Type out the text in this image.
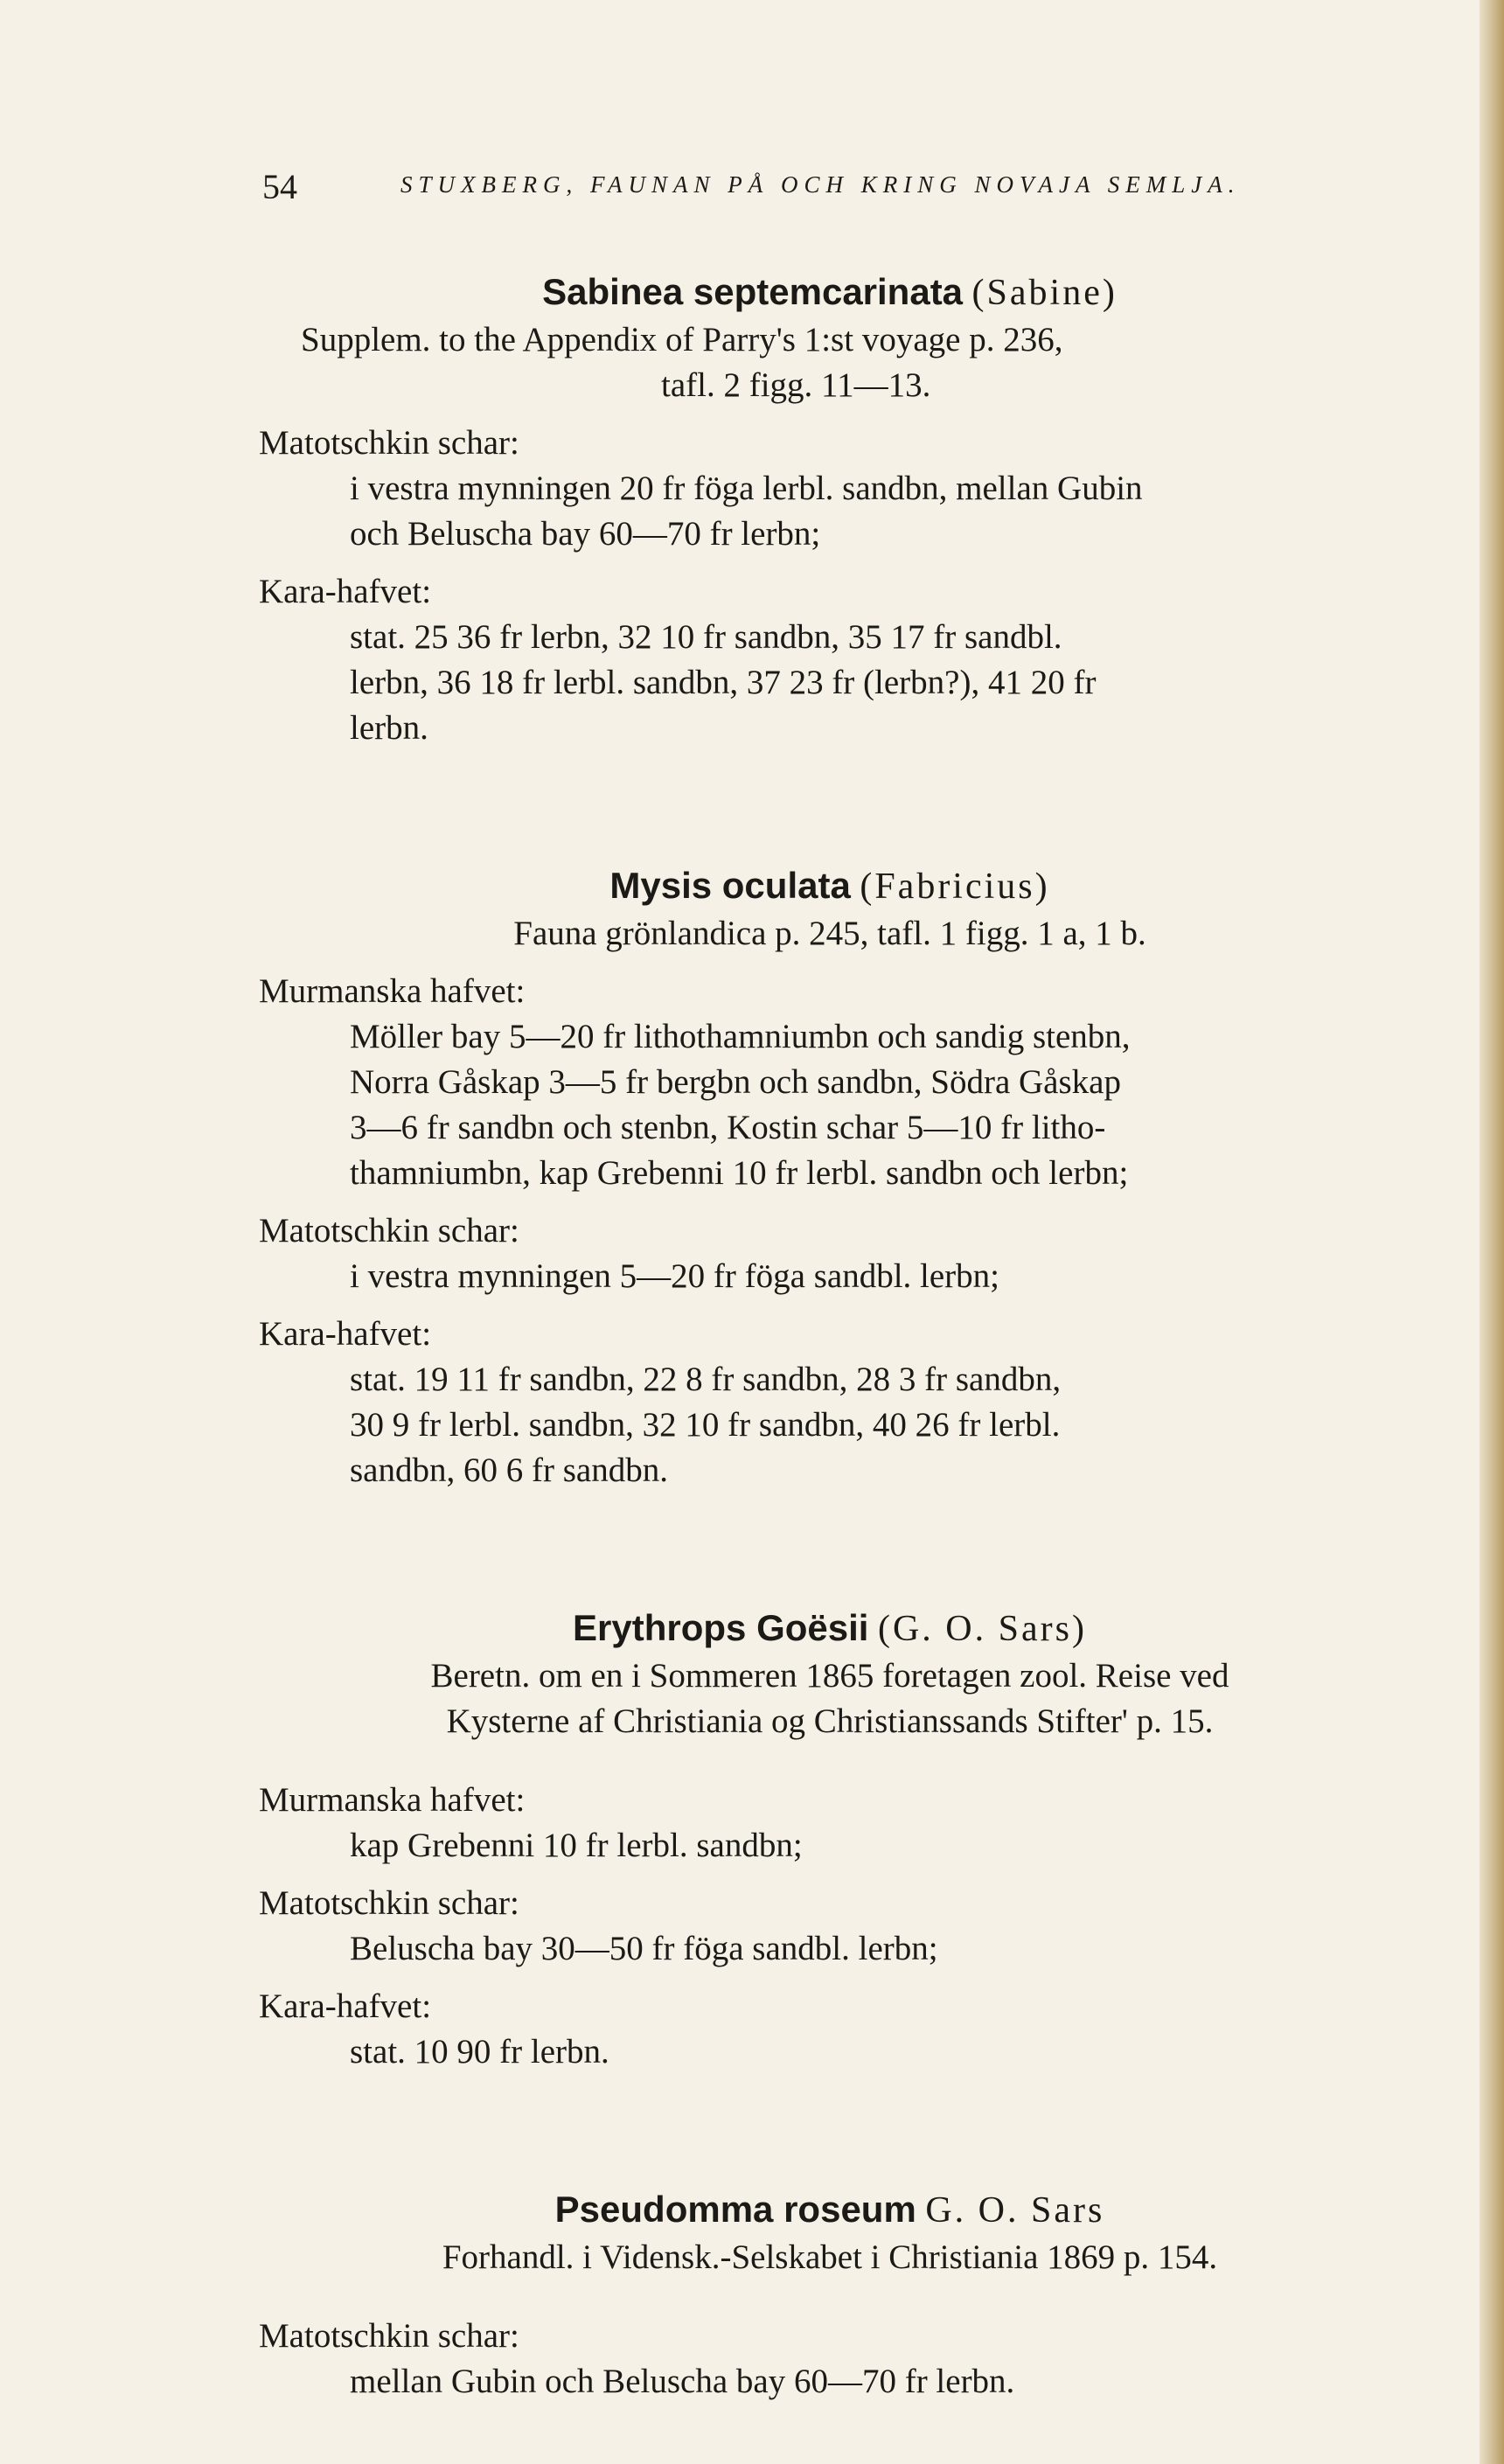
54	STUXBERG, FAUNAN PÅ OCH KRING NOVAJA SEMLJA.
Sabinea septemcarinata (Sabine)
Supplem. to the Appendix of Parry's 1:st voyage p. 236,
tafl. 2 figg. 11—13.
Matotschkin schar:
i vestra mynningen 20 fr föga lerbl. sandbn, mellan Gubin
och Beluscha bay 60—70 fr lerbn;
Kara-hafvet:
stat. 25 36 fr lerbn, 32 10 fr sandbn, 35 17 fr sandbl.
lerbn, 36 18 fr lerbl. sandbn, 37 23 fr (lerbn?), 41 20 fr
lerbn.
Mysis oculata (Fabricius)
Fauna grönlandica p. 245, tafl. 1 figg. 1 a, 1 b.
Murmanska hafvet:
Möller bay 5—20 fr lithothamniumbn och sandig stenbn,
Norra Gåskap 3—5 fr bergbn och sandbn, Södra Gåskap
3—6 fr sandbn och stenbn, Kostin schar 5—10 fr litho-
thamniumbn, kap Grebenni 10 fr lerbl. sandbn och lerbn;
Matotschkin schar:
i vestra mynningen 5—20 fr föga sandbl. lerbn;
Kara-hafvet:
stat. 19 11 fr sandbn, 22 8 fr sandbn, 28 3 fr sandbn,
30 9 fr lerbl. sandbn, 32 10 fr sandbn, 40 26 fr lerbl.
sandbn, 60 6 fr sandbn.
Erythrops Goësii (G. O. Sars)
Beretn. om en i Sommeren 1865 foretagen zool. Reise ved
Kysterne af Christiania og Christianssands Stifter' p. 15.
Murmanska hafvet:
kap Grebenni 10 fr lerbl. sandbn;
Matotschkin schar:
Beluscha bay 30—50 fr föga sandbl. lerbn;
Kara-hafvet:
stat. 10 90 fr lerbn.
Pseudomma roseum G. O. Sars
Forhandl. i Vidensk.-Selskabet i Christiania 1869 p. 154.
Matotschkin schar:
mellan Gubin och Beluscha bay 60—70 fr lerbn.
